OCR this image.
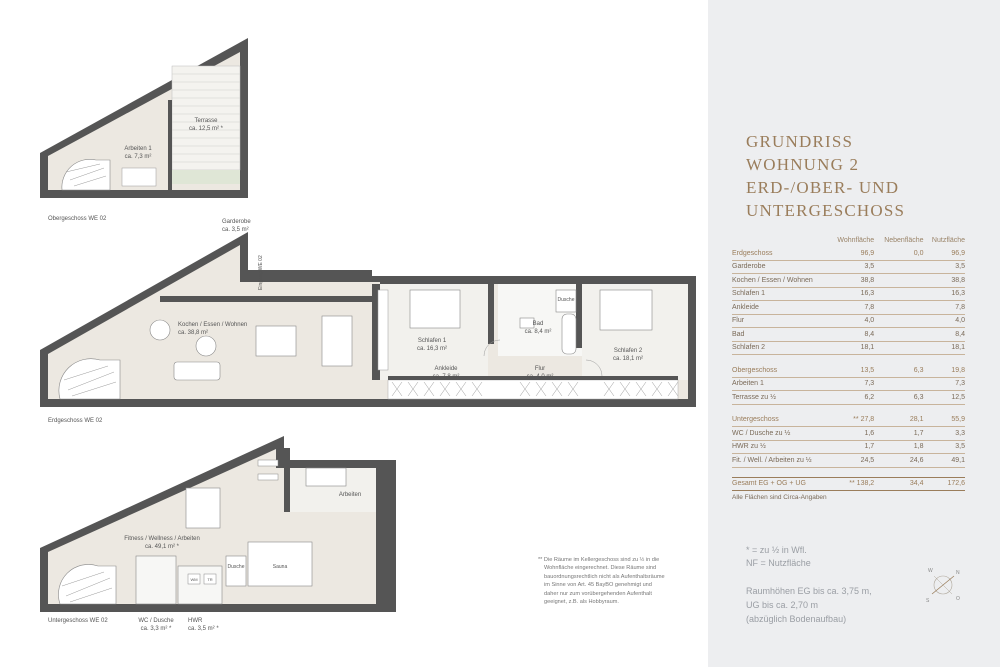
Terrasse
ca. 12,5 m² *
Arbeiten 1
ca. 7,3 m²
Obergeschoss WE 02	Garderobe
ca. 3,5 m²
Eingang WE 02
Kochen / Essen / Wohnen
ca. 38,8 m²
Schlafen 1
ca. 16,3 m²
Ankleide
ca. 7,8 m²
Flur
ca. 4,0 m²
Bad
ca. 8,4 m²
Dusche
Schlafen 2
ca. 18,1 m²
Erdgeschoss WE 02
Arbeiten
Fitness / Wellness / Arbeiten
ca. 49,1 m² *
Dusche	Sauna
WM TR
WC / Dusche
ca. 3,3 m² *
HWR
ca. 3,5 m² *
Untergeschoss WE 02
** Die Räume im Kellergeschoss sind zu ½ in die
Wohnfläche eingerechnet. Diese Räume sind
bauordnungsrechtlich nicht als Aufenthaltsräume
im Sinne von Art. 45 BayBO genehmigt und
daher nur zum vorübergehenden Aufenthalt
geeignet, z.B. als Hobbyraum.
GRUNDRISS
WOHNUNG 2
ERD-/OBER- UND
UNTERGESCHOSS
	Wohnfläche	Nebenfläche	Nutzfläche
Erdgeschoss	96,9	0,0	96,9
Garderobe	3,5		3,5
Kochen / Essen / Wohnen	38,8		38,8
Schlafen 1	16,3		16,3
Ankleide	7,8		7,8
Flur	4,0		4,0
Bad	8,4		8,4
Schlafen 2	18,1		18,1

Obergeschoss	13,5	6,3	19,8
Arbeiten 1	7,3		7,3
Terrasse zu ½	6,2	6,3	12,5

Untergeschoss	** 27,8	28,1	55,9
WC / Dusche zu ½	1,6	1,7	3,3
HWR zu ½	1,7	1,8	3,5
Fit. / Well. / Arbeiten zu ½	24,5	24,6	49,1

Gesamt EG + OG + UG	** 138,2	34,4	172,6
Alle Flächen sind Circa-Angaben
* = zu ½ in Wfl.
NF = Nutzfläche
Raumhöhen EG bis ca. 3,75 m,
UG bis ca. 2,70 m
(abzüglich Bodenaufbau)
N
O
S
W
